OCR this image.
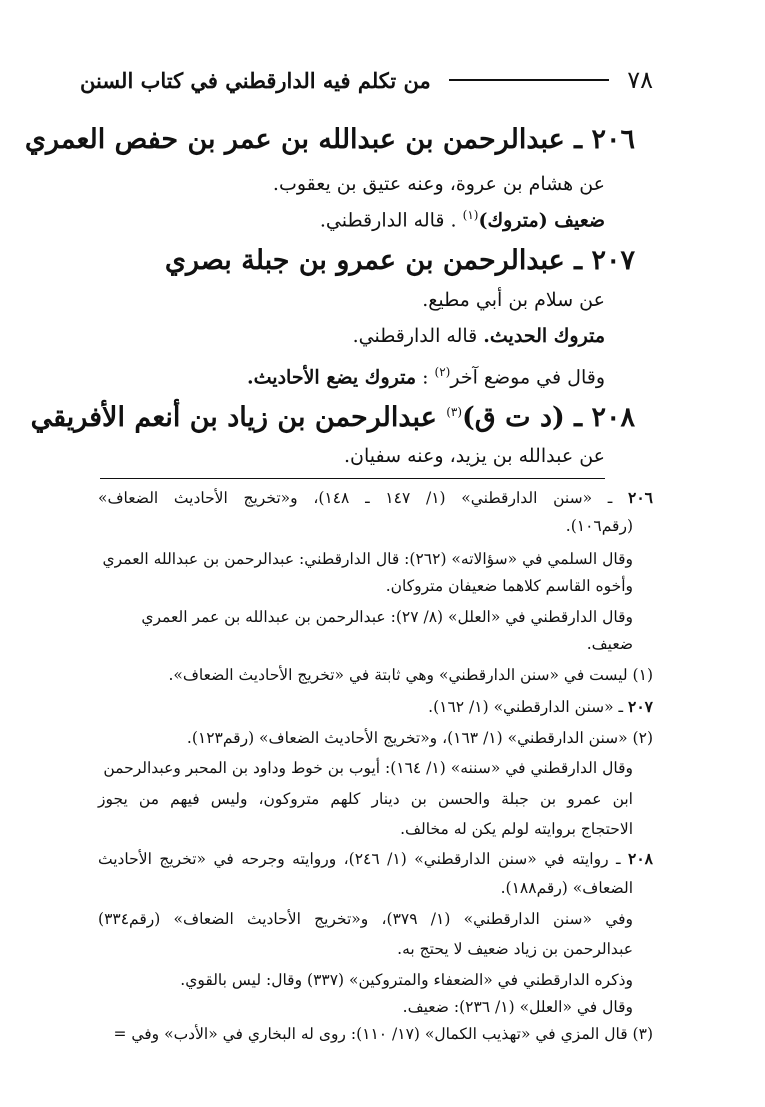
من تكلم فيه الدارقطني في كتاب السنن	٧٨
٢٠٦ ـ عبدالرحمن بن عبدالله بن عمر بن حفص العمري
عن هشام بن عروة، وعنه عتيق بن يعقوب.
ضعيف (متروك)$^{(١)}$ . قاله الدارقطني.
٢٠٧ ـ عبدالرحمن بن عمرو بن جبلة بصري
عن سلام بن أبي مطيع.
متروك الحديث. قاله الدارقطني.
وقال في موضع آخر$^{(٢)}$ : متروك يضع الأحاديث.
٢٠٨ ـ (د ت ق)$^{(٣)}$ عبدالرحمن بن زياد بن أنعم الأفريقي
عن عبدالله بن يزيد، وعنه سفيان.
٢٠٦ ـ «سنن الدارقطني» (١/ ١٤٧ ـ ١٤٨)، و«تخريج الأحاديث الضعاف»
(رقم١٠٦).
وقال السلمي في «سؤالاته» (٢٦٢): قال الدارقطني: عبدالرحمن بن عبدالله العمري
وأخوه القاسم كلاهما ضعيفان متروكان.
وقال الدارقطني في «العلل» (٨/ ٢٧): عبدالرحمن بن عبدالله بن عمر العمري
ضعيف.
(١) ليست في «سنن الدارقطني» وهي ثابتة في «تخريج الأحاديث الضعاف».
٢٠٧ ـ «سنن الدارقطني» (١/ ١٦٢).
(٢) «سنن الدارقطني» (١/ ١٦٣)، و«تخريج الأحاديث الضعاف» (رقم١٢٣).
وقال الدارقطني في «سننه» (١/ ١٦٤): أيوب بن خوط وداود بن المحبر وعبدالرحمن
ابن عمرو بن جبلة والحسن بن دينار كلهم متروكون، وليس فيهم من يجوز
الاحتجاج بروايته لولم يكن له مخالف.
٢٠٨ ـ روايته في «سنن الدارقطني» (١/ ٢٤٦)، وروايته وجرحه في «تخريج الأحاديث
الضعاف» (رقم١٨٨).
وفي «سنن الدارقطني» (١/ ٣٧٩)، و«تخريج الأحاديث الضعاف» (رقم٣٣٤)
عبدالرحمن بن زياد ضعيف لا يحتج به.
وذكره الدارقطني في «الضعفاء والمتروكين» (٣٣٧) وقال: ليس بالقوي.
وقال في «العلل» (١/ ٢٣٦): ضعيف.
(٣) قال المزي في «تهذيب الكمال» (١٧/ ١١٠): روى له البخاري في «الأدب» وفي =
